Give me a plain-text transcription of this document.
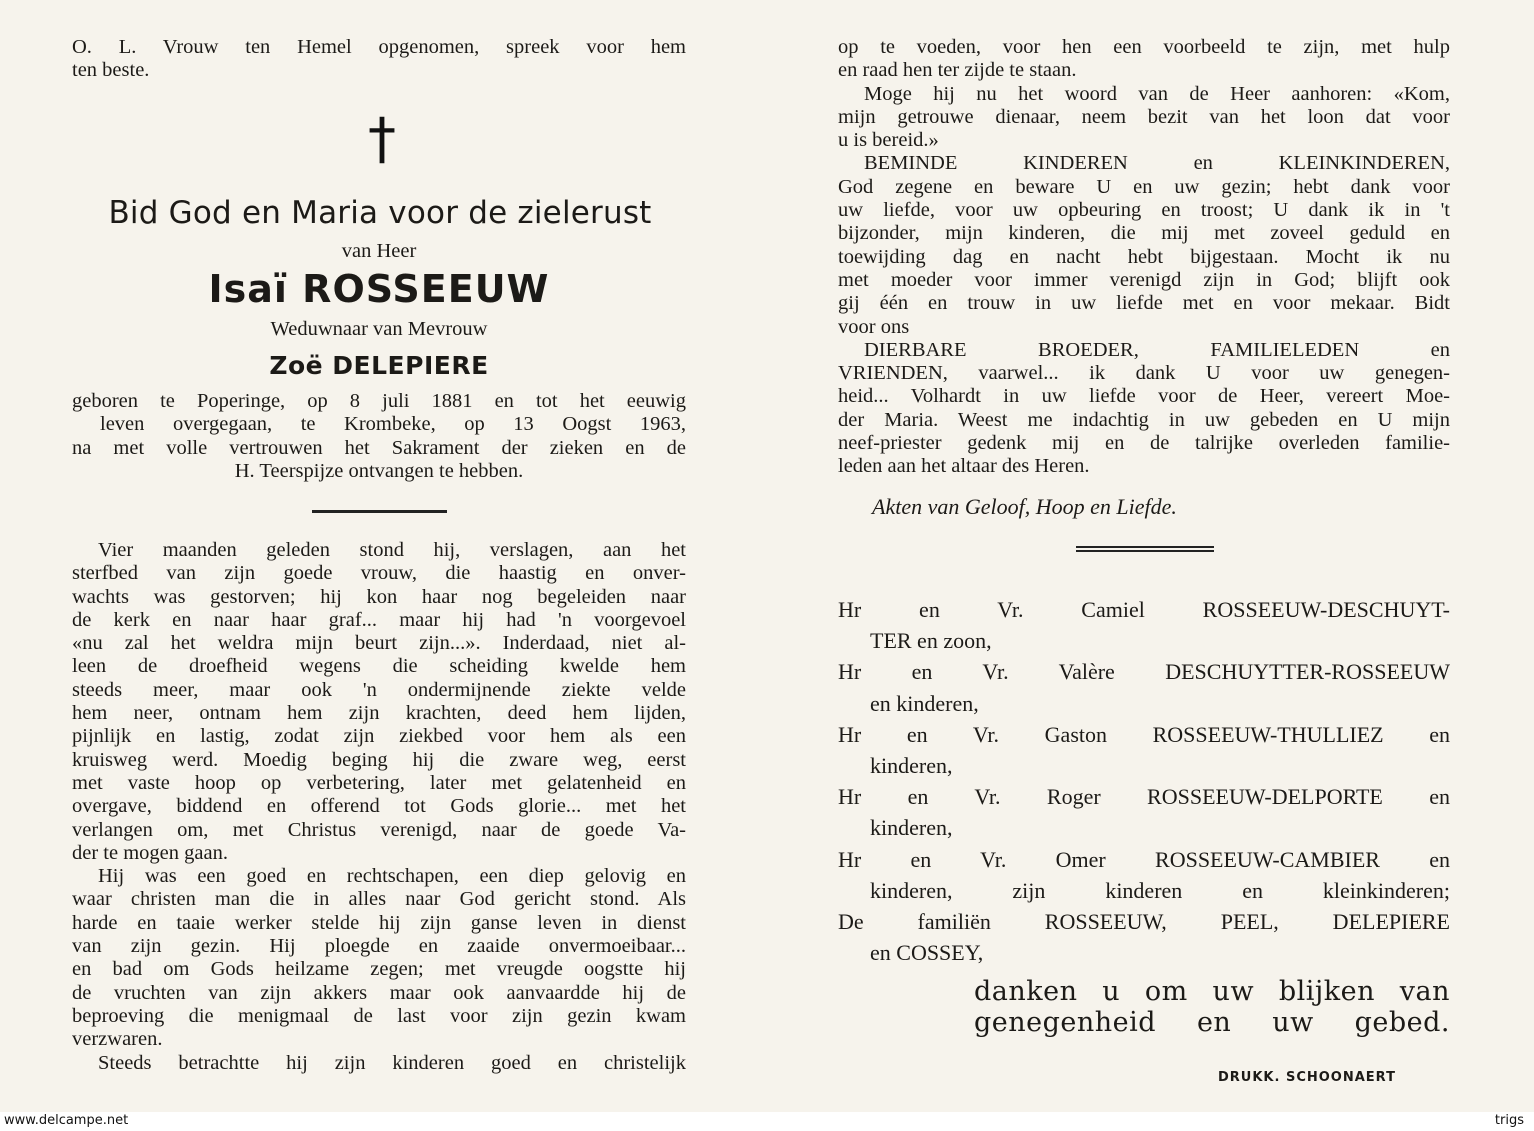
O. L. Vrouw ten Hemel opgenomen, spreek voor hem
ten beste.

†
Bid God en Maria voor de zielerust
van Heer
Isaï ROSSEEUW
Weduwnaar van Mevrouw
Zoë DELEPIERE
geboren te Poperinge, op 8 juli 1881 en tot het eeuwig
leven overgegaan, te Krombeke, op 13 Oogst 1963,
na met volle vertrouwen het Sakrament der zieken en de
H. Teerspijze ontvangen te hebben.

Vier maanden geleden stond hij, verslagen, aan het
sterfbed van zijn goede vrouw, die haastig en onver-
wachts was gestorven; hij kon haar nog begeleiden naar
de kerk en naar haar graf... maar hij had 'n voorgevoel
«nu zal het weldra mijn beurt zijn...». Inderdaad, niet al-
leen de droefheid wegens die scheiding kwelde hem
steeds meer, maar ook 'n ondermijnende ziekte velde
hem neer, ontnam hem zijn krachten, deed hem lijden,
pijnlijk en lastig, zodat zijn ziekbed voor hem als een
kruisweg werd. Moedig beging hij die zware weg, eerst
met vaste hoop op verbetering, later met gelatenheid en
overgave, biddend en offerend tot Gods glorie... met het
verlangen om, met Christus verenigd, naar de goede Va-
der te mogen gaan.

Hij was een goed en rechtschapen, een diep gelovig en
waar christen man die in alles naar God gericht stond. Als
harde en taaie werker stelde hij zijn ganse leven in dienst
van zijn gezin. Hij ploegde en zaaide onvermoeibaar...
en bad om Gods heilzame zegen; met vreugde oogstte hij
de vruchten van zijn akkers maar ook aanvaardde hij de
beproeving die menigmaal de last voor zijn gezin kwam
verzwaren.

Steeds betrachtte hij zijn kinderen goed en christelijk

op te voeden, voor hen een voorbeeld te zijn, met hulp
en raad hen ter zijde te staan.

Moge hij nu het woord van de Heer aanhoren: «Kom,
mijn getrouwe dienaar, neem bezit van het loon dat voor
u is bereid.»

BEMINDE KINDEREN en KLEINKINDEREN,
God zegene en beware U en uw gezin; hebt dank voor
uw liefde, voor uw opbeuring en troost; U dank ik in 't
bijzonder, mijn kinderen, die mij met zoveel geduld en
toewijding dag en nacht hebt bijgestaan. Mocht ik nu
met moeder voor immer verenigd zijn in God; blijft ook
gij één en trouw in uw liefde met en voor mekaar. Bidt
voor ons

DIERBARE BROEDER, FAMILIELEDEN en
VRIENDEN, vaarwel... ik dank U voor uw genegen-
heid... Volhardt in uw liefde voor de Heer, vereert Moe-
der Maria. Weest me indachtig in uw gebeden en U mijn
neef-priester gedenk mij en de talrijke overleden familie-
leden aan het altaar des Heren.

Akten van Geloof, Hoop en Liefde.
Hr en Vr. Camiel ROSSEEUW-DESCHUYT-
TER en zoon,
Hr en Vr. Valère DESCHUYTTER-ROSSEEUW
en kinderen,
Hr en Vr. Gaston ROSSEEUW-THULLIEZ en
kinderen,
Hr en Vr. Roger ROSSEEUW-DELPORTE en
kinderen,
Hr en Vr. Omer ROSSEEUW-CAMBIER en
kinderen, zijn kinderen en kleinkinderen;
De familiën ROSSEEUW, PEEL, DELEPIERE
en COSSEY,
danken u om uw blijken van
genegenheid en uw gebed.
DRUKK. SCHOONAERT
www.delcampe.net	trigs
